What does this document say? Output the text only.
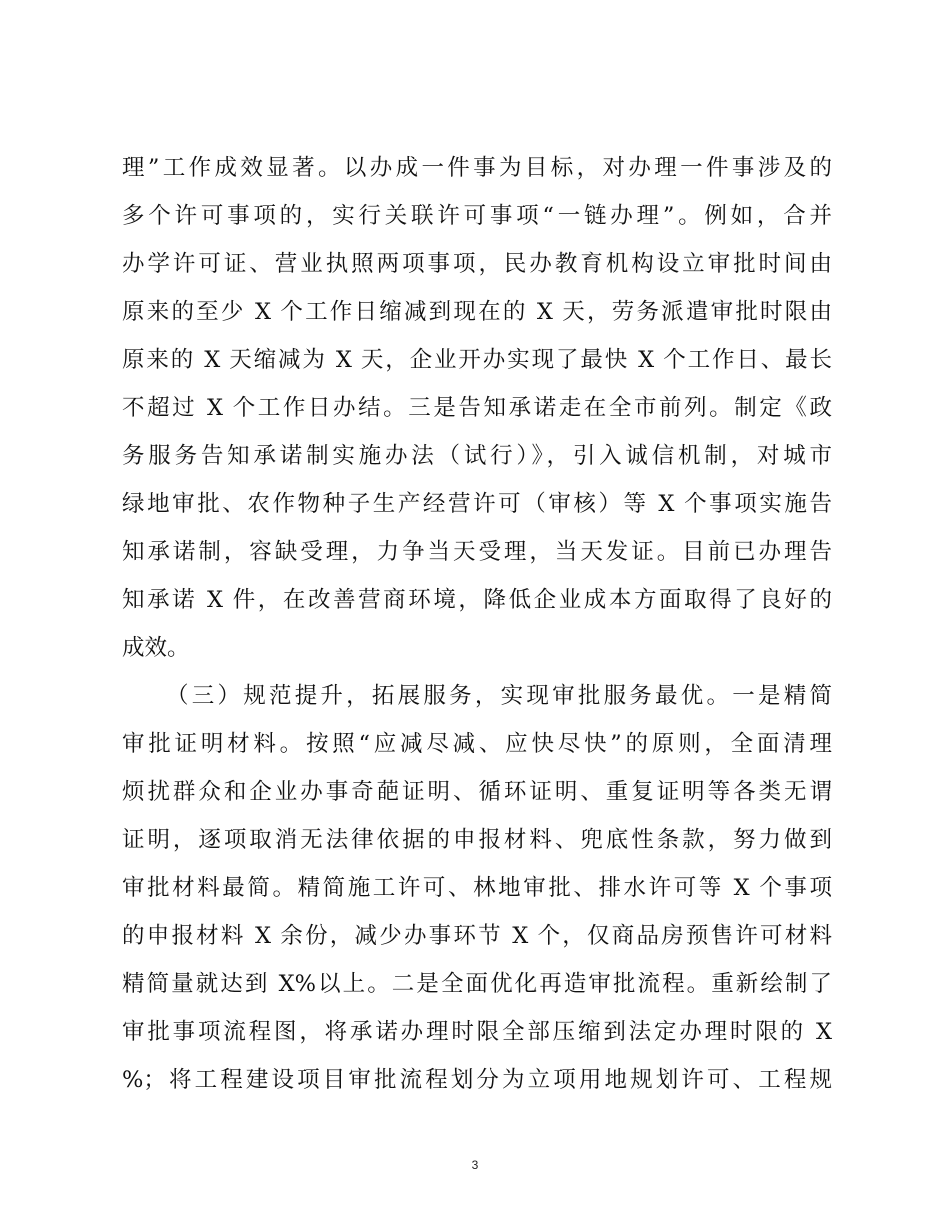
理”工作成效显著。以办成一件事为目标，对办理一件事涉及的
多个许可事项的，实行关联许可事项“一链办理”。例如，合并
办学许可证、营业执照两项事项，民办教育机构设立审批时间由
原来的至少 X 个工作日缩减到现在的 X 天，劳务派遣审批时限由
原来的 X 天缩减为 X 天，企业开办实现了最快 X 个工作日、最长
不超过 X 个工作日办结。三是告知承诺走在全市前列。制定《政
务服务告知承诺制实施办法（试行）》，引入诚信机制，对城市
绿地审批、农作物种子生产经营许可（审核）等 X 个事项实施告
知承诺制，容缺受理，力争当天受理，当天发证。目前已办理告
知承诺 X 件，在改善营商环境，降低企业成本方面取得了良好的
成效。
（三）规范提升，拓展服务，实现审批服务最优。一是精简
审批证明材料。按照“应减尽减、应快尽快”的原则，全面清理
烦扰群众和企业办事奇葩证明、循环证明、重复证明等各类无谓
证明，逐项取消无法律依据的申报材料、兜底性条款，努力做到
审批材料最简。精简施工许可、林地审批、排水许可等 X 个事项
的申报材料 X 余份，减少办事环节 X 个，仅商品房预售许可材料
精简量就达到 X%以上。二是全面优化再造审批流程。重新绘制了
审批事项流程图，将承诺办理时限全部压缩到法定办理时限的 X
%；将工程建设项目审批流程划分为立项用地规划许可、工程规
3
